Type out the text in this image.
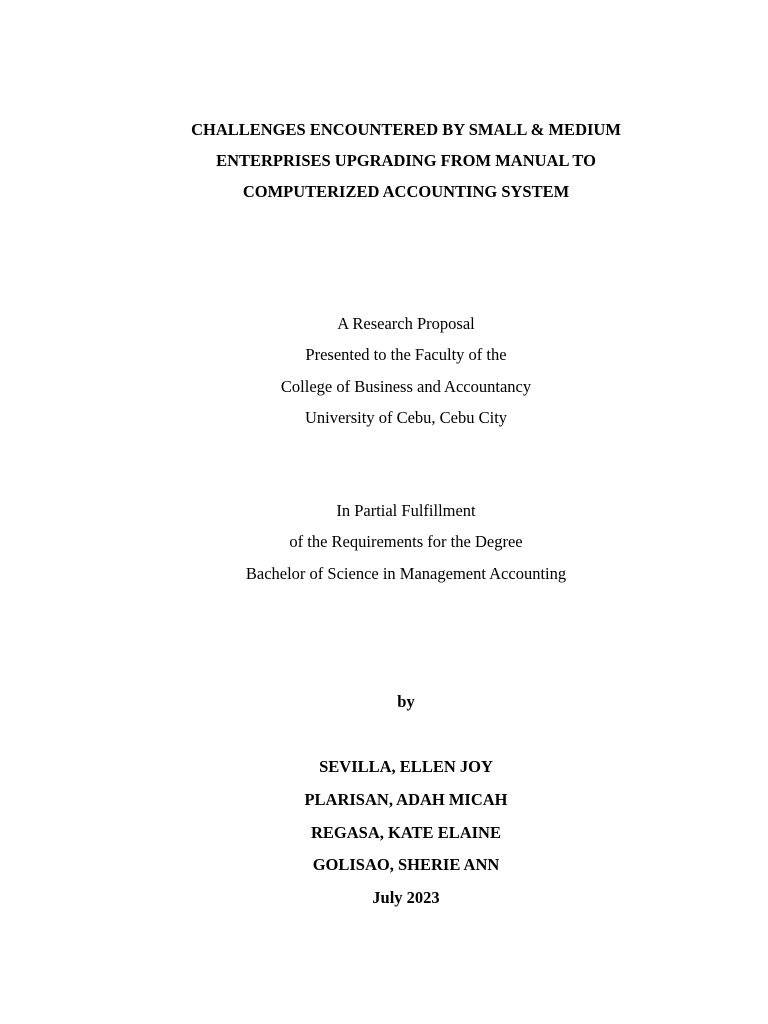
CHALLENGES ENCOUNTERED BY SMALL & MEDIUM
ENTERPRISES UPGRADING FROM MANUAL TO
COMPUTERIZED ACCOUNTING SYSTEM
A Research Proposal
Presented to the Faculty of the
College of Business and Accountancy
University of Cebu, Cebu City
In Partial Fulfillment
of the Requirements for the Degree
Bachelor of Science in Management Accounting
by
SEVILLA, ELLEN JOY
PLARISAN, ADAH MICAH
REGASA, KATE ELAINE
GOLISAO, SHERIE ANN
July 2023
